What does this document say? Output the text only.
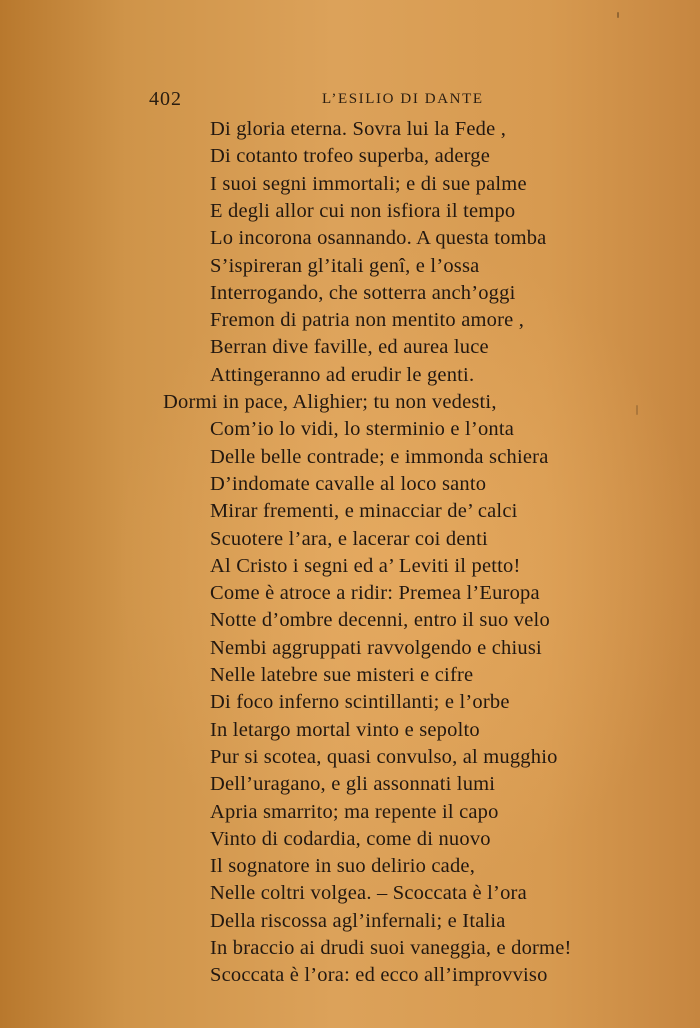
402	L’ESILIO DI DANTE
Di gloria eterna. Sovra lui la Fede ,
Di cotanto trofeo superba, aderge
I suoi segni immortali; e di sue palme
E degli allor cui non isfiora il tempo
Lo incorona osannando. A questa tomba
S’ispireran gl’itali genî, e l’ossa
Interrogando, che sotterra anch’oggi
Fremon di patria non mentito amore ,
Berran dive faville, ed aurea luce
Attingeranno ad erudir le genti.
Dormi in pace, Alighier; tu non vedesti,
Com’io lo vidi, lo sterminio e l’onta
Delle belle contrade; e immonda schiera
D’indomate cavalle al loco santo
Mirar frementi, e minacciar de’ calci
Scuotere l’ara, e lacerar coi denti
Al Cristo i segni ed a’ Leviti il petto!
Come è atroce a ridir: Premea l’Europa
Notte d’ombre decenni, entro il suo velo
Nembi aggruppati ravvolgendo e chiusi
Nelle latebre sue misteri e cifre
Di foco inferno scintillanti; e l’orbe
In letargo mortal vinto e sepolto
Pur si scotea, quasi convulso, al mugghio
Dell’uragano, e gli assonnati lumi
Apria smarrito; ma repente il capo
Vinto di codardia, come di nuovo
Il sognatore in suo delirio cade,
Nelle coltri volgea. – Scoccata è l’ora
Della riscossa agl’infernali; e Italia
In braccio ai drudi suoi vaneggia, e dorme!
Scoccata è l’ora: ed ecco all’improvviso
